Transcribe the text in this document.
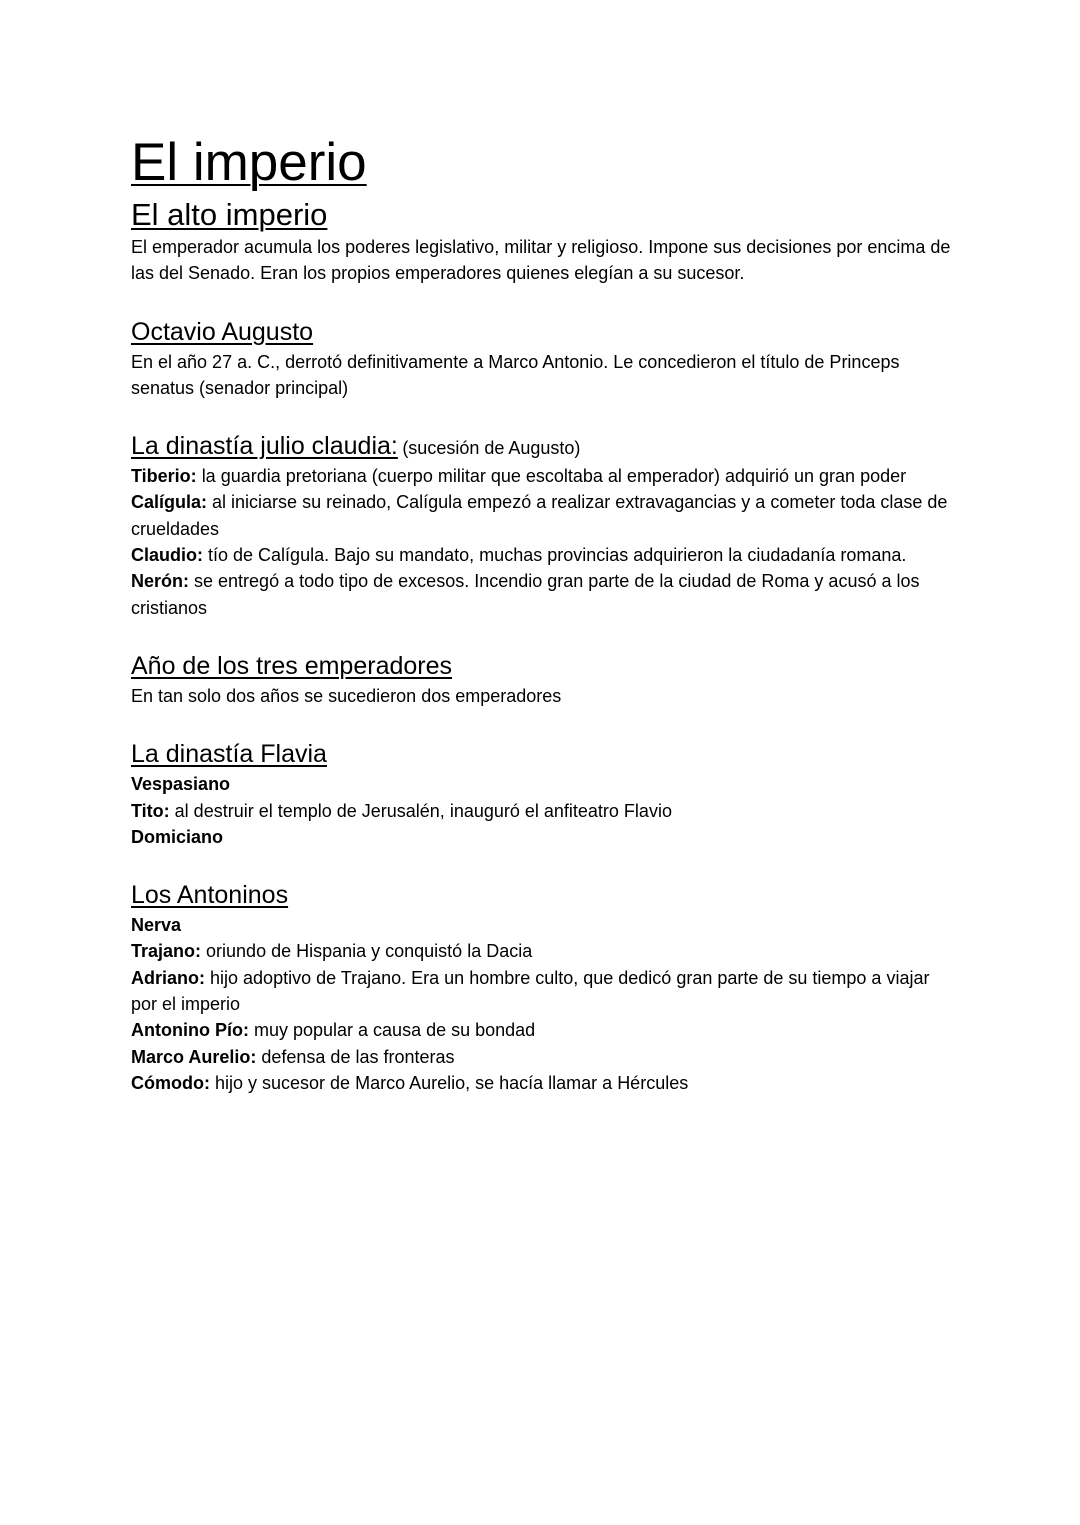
El imperio
El alto imperio

El emperador acumula los poderes legislativo, militar y religioso. Impone sus decisiones por encima de las del Senado. Eran los propios emperadores quienes elegían a su sucesor.

Octavio Augusto

En el año 27 a. C., derrotó definitivamente a Marco Antonio. Le concedieron el título de Princeps senatus (senador principal)

La dinastía julio claudia: (sucesión de Augusto)

Tiberio: la guardia pretoriana (cuerpo militar que escoltaba al emperador) adquirió un gran poder

Calígula: al iniciarse su reinado, Calígula empezó a realizar extravagancias y a cometer toda clase de crueldades

Claudio: tío de Calígula. Bajo su mandato, muchas provincias adquirieron la ciudadanía romana.

Nerón: se entregó a todo tipo de excesos. Incendio gran parte de la ciudad de Roma y acusó a los cristianos

Año de los tres emperadores

En tan solo dos años se sucedieron dos emperadores

La dinastía Flavia

Vespasiano

Tito: al destruir el templo de Jerusalén, inauguró el anfiteatro Flavio

Domiciano

Los Antoninos

Nerva

Trajano: oriundo de Hispania y conquistó la Dacia

Adriano: hijo adoptivo de Trajano. Era un hombre culto, que dedicó gran parte de su tiempo a viajar por el imperio

Antonino Pío: muy popular a causa de su bondad

Marco Aurelio: defensa de las fronteras

Cómodo: hijo y sucesor de Marco Aurelio, se hacía llamar a Hércules
